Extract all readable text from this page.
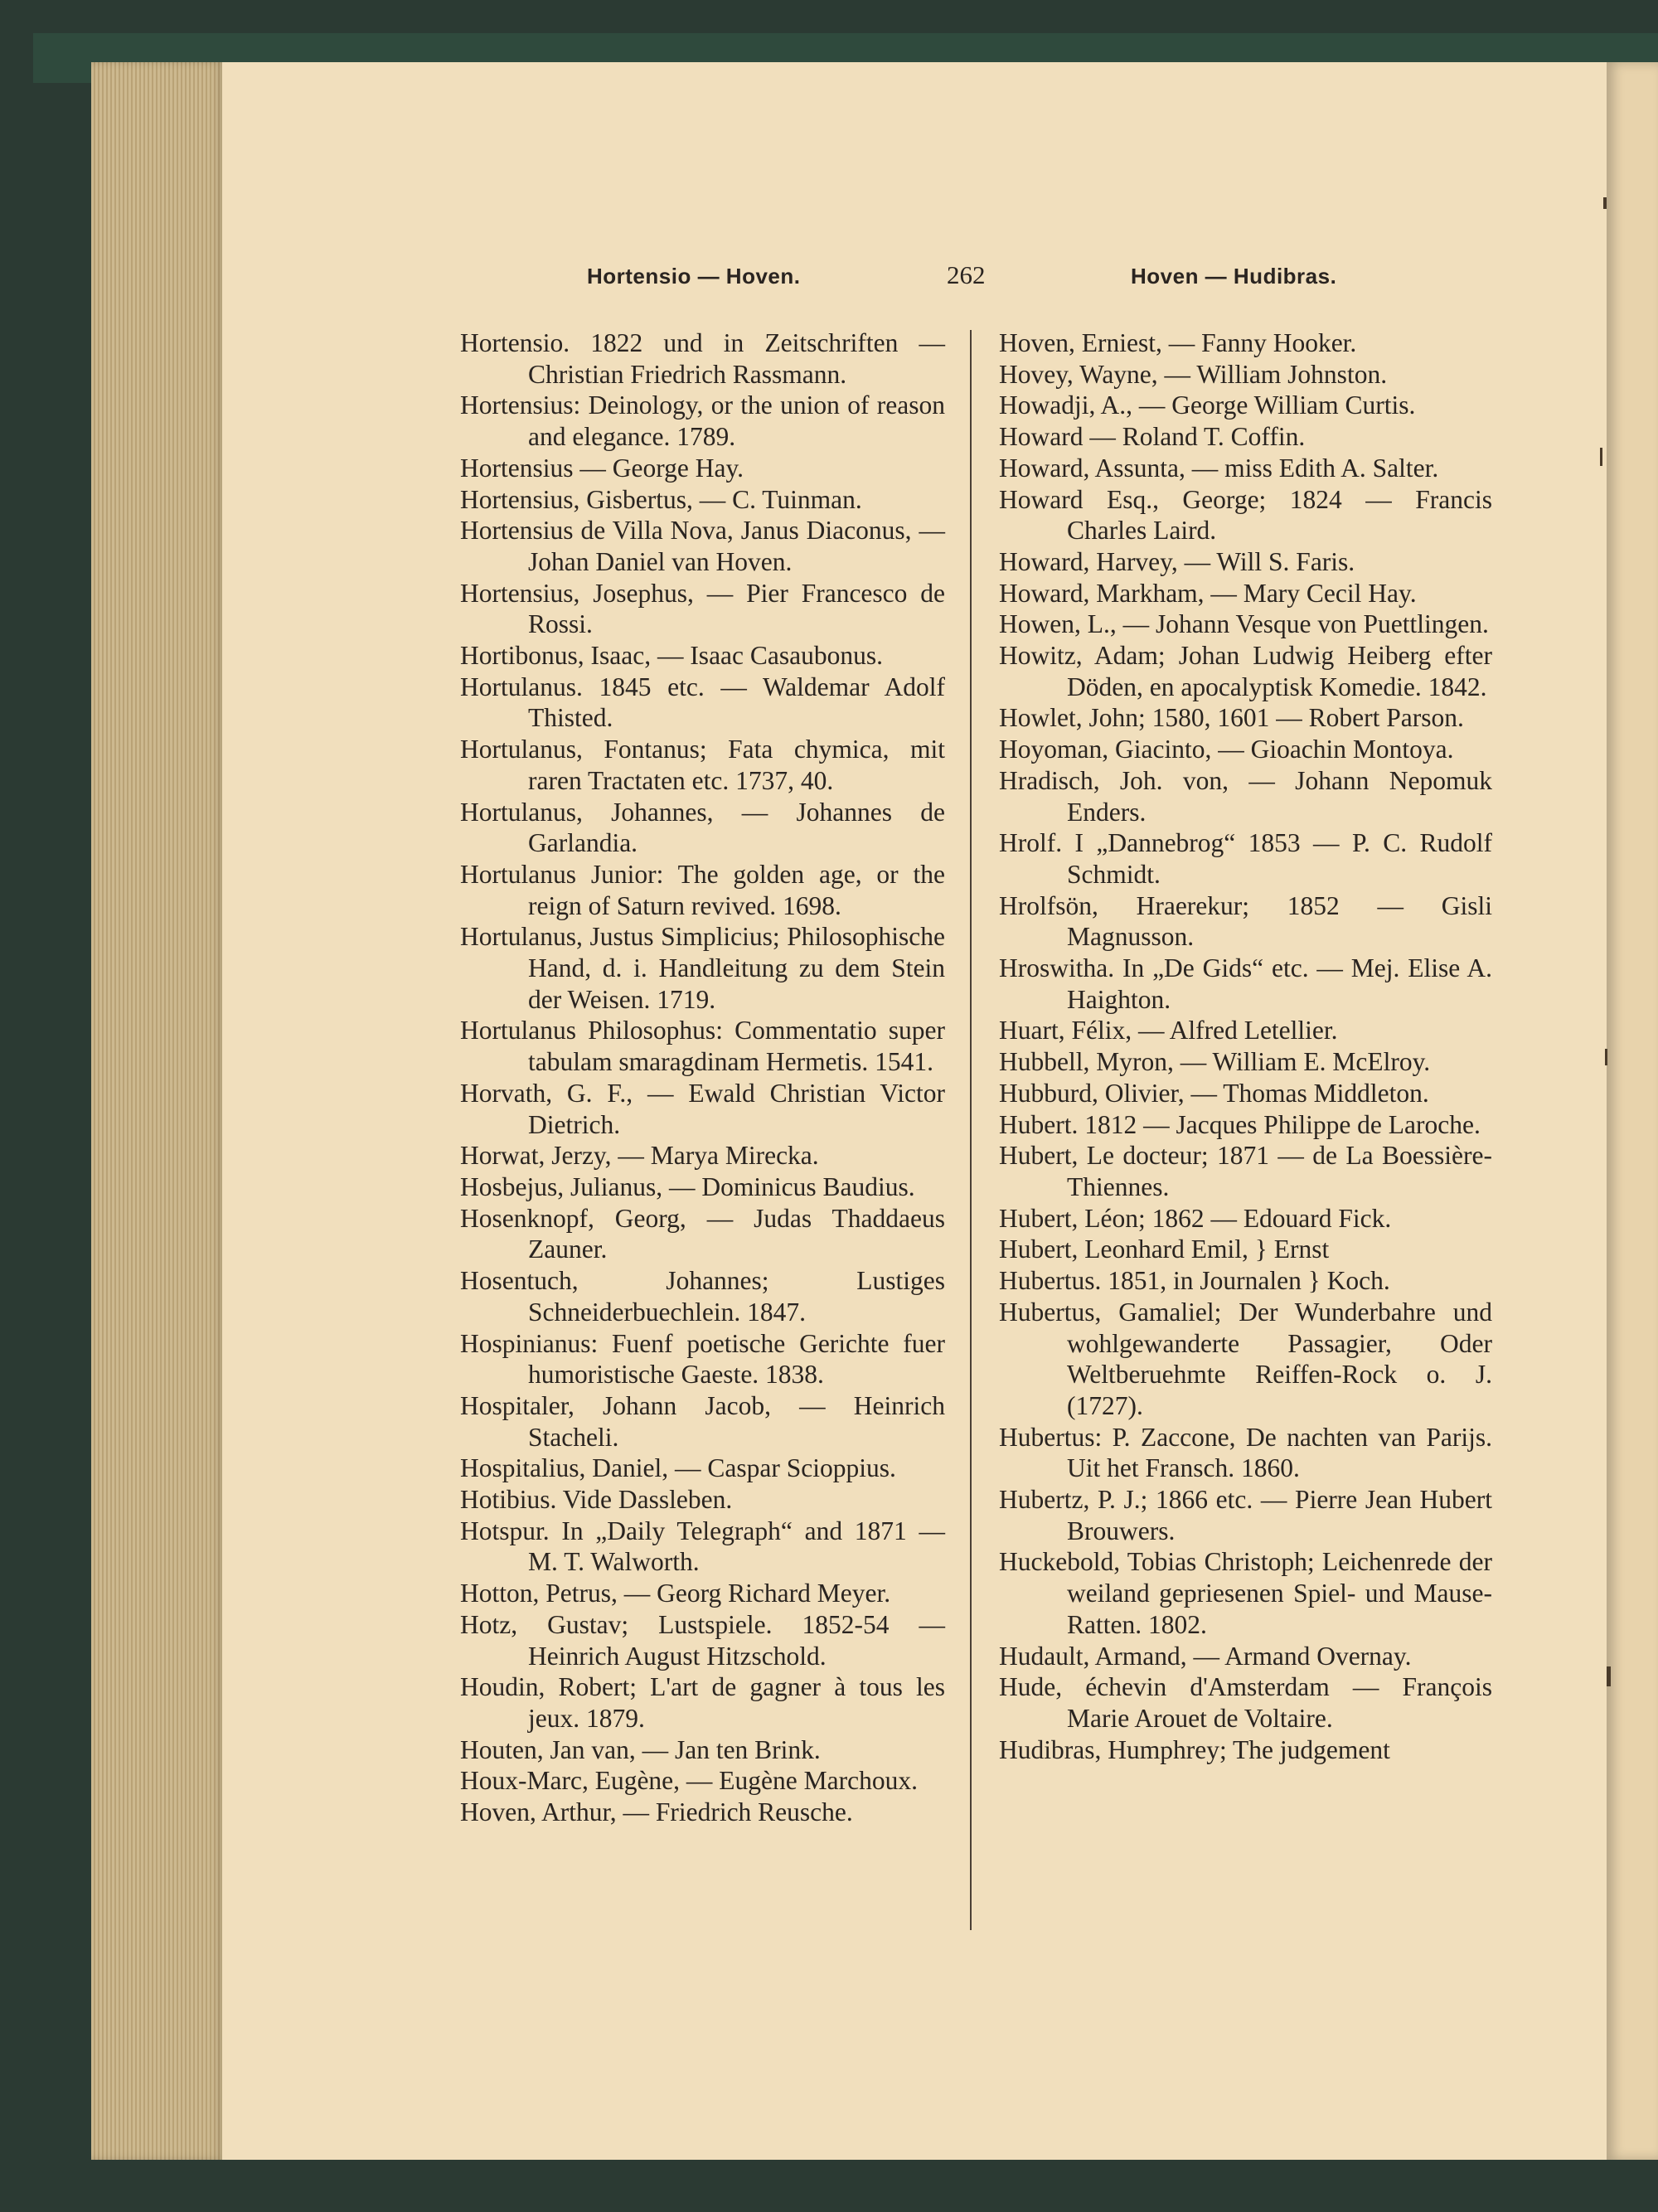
Hortensio — Hoven.	262	Hoven — Hudibras.
Hortensio. 1822 und in Zeitschriften — Christian Friedrich Rassmann.
Hortensius: Deinology, or the union of reason and elegance. 1789.
Hortensius — George Hay.
Hortensius, Gisbertus, — C. Tuinman.
Hortensius de Villa Nova, Janus Diaconus, — Johan Daniel van Hoven.
Hortensius, Josephus, — Pier Francesco de Rossi.
Hortibonus, Isaac, — Isaac Casaubonus.
Hortulanus. 1845 etc. — Waldemar Adolf Thisted.
Hortulanus, Fontanus; Fata chymica, mit raren Tractaten etc. 1737, 40.
Hortulanus, Johannes, — Johannes de Garlandia.
Hortulanus Junior: The golden age, or the reign of Saturn revived. 1698.
Hortulanus, Justus Simplicius; Philosophische Hand, d. i. Handleitung zu dem Stein der Weisen. 1719.
Hortulanus Philosophus: Commentatio super tabulam smaragdinam Hermetis. 1541.
Horvath, G. F., — Ewald Christian Victor Dietrich.
Horwat, Jerzy, — Marya Mirecka.
Hosbejus, Julianus, — Dominicus Baudius.
Hosenknopf, Georg, — Judas Thaddaeus Zauner.
Hosentuch, Johannes; Lustiges Schneiderbuechlein. 1847.
Hospinianus: Fuenf poetische Gerichte fuer humoristische Gaeste. 1838.
Hospitaler, Johann Jacob, — Heinrich Stacheli.
Hospitalius, Daniel, — Caspar Scioppius.
Hotibius. Vide Dassleben.
Hotspur. In „Daily Telegraph“ and 1871 — M. T. Walworth.
Hotton, Petrus, — Georg Richard Meyer.
Hotz, Gustav; Lustspiele. 1852-54 — Heinrich August Hitzschold.
Houdin, Robert; L'art de gagner à tous les jeux. 1879.
Houten, Jan van, — Jan ten Brink.
Houx-Marc, Eugène, — Eugène Marchoux.
Hoven, Arthur, — Friedrich Reusche.
Hoven, Erniest, — Fanny Hooker.
Hovey, Wayne, — William Johnston.
Howadji, A., — George William Curtis.
Howard — Roland T. Coffin.
Howard, Assunta, — miss Edith A. Salter.
Howard Esq., George; 1824 — Francis Charles Laird.
Howard, Harvey, — Will S. Faris.
Howard, Markham, — Mary Cecil Hay.
Howen, L., — Johann Vesque von Puettlingen.
Howitz, Adam; Johan Ludwig Heiberg efter Döden, en apocalyptisk Komedie. 1842.
Howlet, John; 1580, 1601 — Robert Parson.
Hoyoman, Giacinto, — Gioachin Montoya.
Hradisch, Joh. von, — Johann Nepomuk Enders.
Hrolf. I „Dannebrog“ 1853 — P. C. Rudolf Schmidt.
Hrolfsön, Hraerekur; 1852 — Gisli Magnusson.
Hroswitha. In „De Gids“ etc. — Mej. Elise A. Haighton.
Huart, Félix, — Alfred Letellier.
Hubbell, Myron, — William E. McElroy.
Hubburd, Olivier, — Thomas Middleton.
Hubert. 1812 — Jacques Philippe de Laroche.
Hubert, Le docteur; 1871 — de La Boessière-Thiennes.
Hubert, Léon; 1862 — Edouard Fick.
Hubert, Leonhard Emil, } Ernst
Hubertus. 1851, in Journalen } Koch.
Hubertus, Gamaliel; Der Wunderbahre und wohlgewanderte Passagier, Oder Weltberuehmte Reiffen-Rock o. J. (1727).
Hubertus: P. Zaccone, De nachten van Parijs. Uit het Fransch. 1860.
Hubertz, P. J.; 1866 etc. — Pierre Jean Hubert Brouwers.
Huckebold, Tobias Christoph; Leichenrede der weiland gepriesenen Spiel- und Mause-Ratten. 1802.
Hudault, Armand, — Armand Overnay.
Hude, échevin d'Amsterdam — François Marie Arouet de Voltaire.
Hudibras, Humphrey; The judgement
